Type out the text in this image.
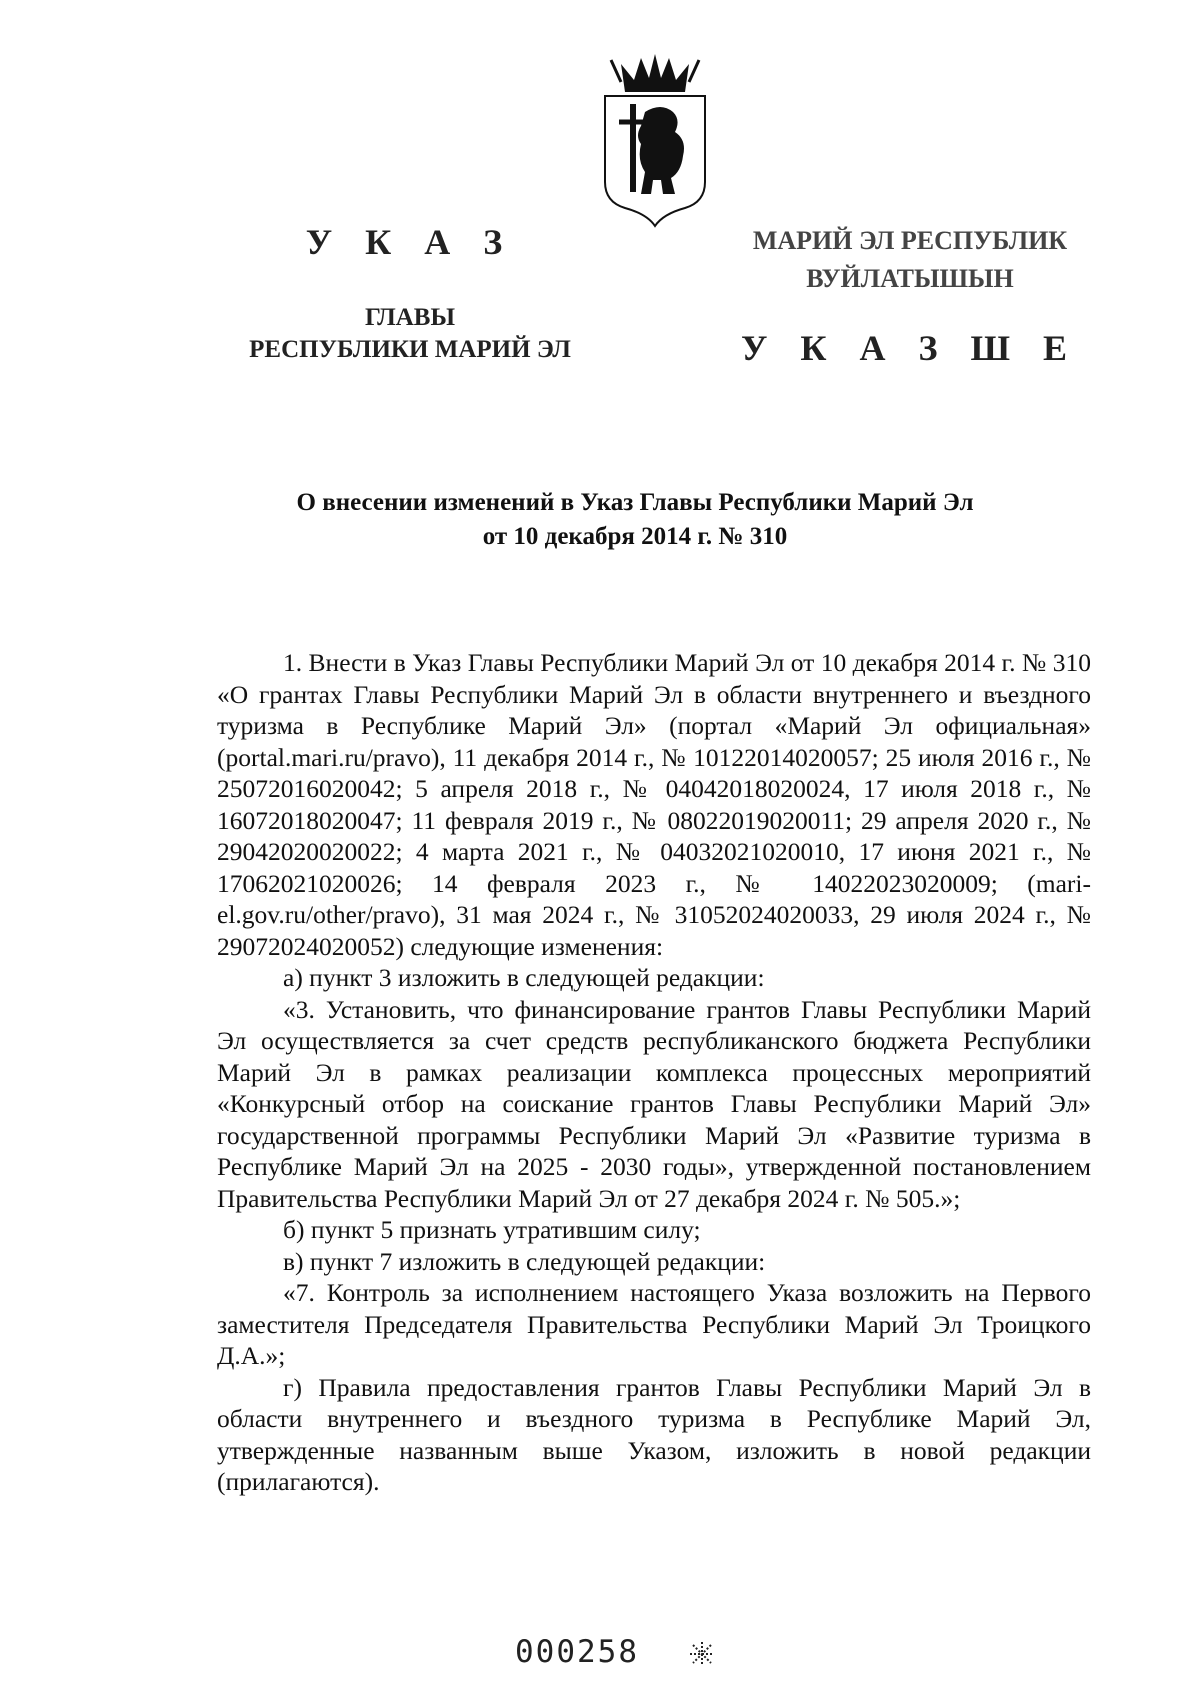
У К А З
ГЛАВЫ
РЕСПУБЛИКИ МАРИЙ ЭЛ
МАРИЙ ЭЛ РЕСПУБЛИК
ВУЙЛАТЫШЫН
У К А З Ш Е
О внесении изменений в Указ Главы Республики Марий Эл
от 10 декабря 2014 г. № 310

1. Внести в Указ Главы Республики Марий Эл от 10 декабря 2014 г. № 310 «О грантах Главы Республики Марий Эл в области внутреннего и въездного туризма в Республике Марий Эл» (портал «Марий Эл официальная» (portal.mari.ru/pravo), 11 декабря 2014 г., № 10122014020057; 25 июля 2016 г., № 25072016020042; 5 апреля 2018 г., № 04042018020024, 17 июля 2018 г., № 16072018020047; 11 февраля 2019 г., № 08022019020011; 29 апреля 2020 г., № 29042020020022; 4 марта 2021 г., № 04032021020010, 17 июня 2021 г., № 17062021020026; 14 февраля 2023 г., № 14022023020009; (mari-el.gov.ru/other/pravo), 31 мая 2024 г., № 31052024020033, 29 июля 2024 г., № 29072024020052) следующие изменения:

а) пункт 3 изложить в следующей редакции:

«3. Установить, что финансирование грантов Главы Республики Марий Эл осуществляется за счет средств республиканского бюджета Республики Марий Эл в рамках реализации комплекса процессных мероприятий «Конкурсный отбор на соискание грантов Главы Республики Марий Эл» государственной программы Республики Марий Эл «Развитие туризма в Республике Марий Эл на 2025 - 2030 годы», утвержденной постановлением Правительства Республики Марий Эл от 27 декабря 2024 г. № 505.»;

б) пункт 5 признать утратившим силу;

в) пункт 7 изложить в следующей редакции:

«7. Контроль за исполнением настоящего Указа возложить на Первого заместителя Председателя Правительства Республики Марий Эл Троицкого Д.А.»;

г) Правила предоставления грантов Главы Республики Марий Эл в области внутреннего и въездного туризма в Республике Марий Эл, утвержденные названным выше Указом, изложить в новой редакции (прилагаются).

000258
